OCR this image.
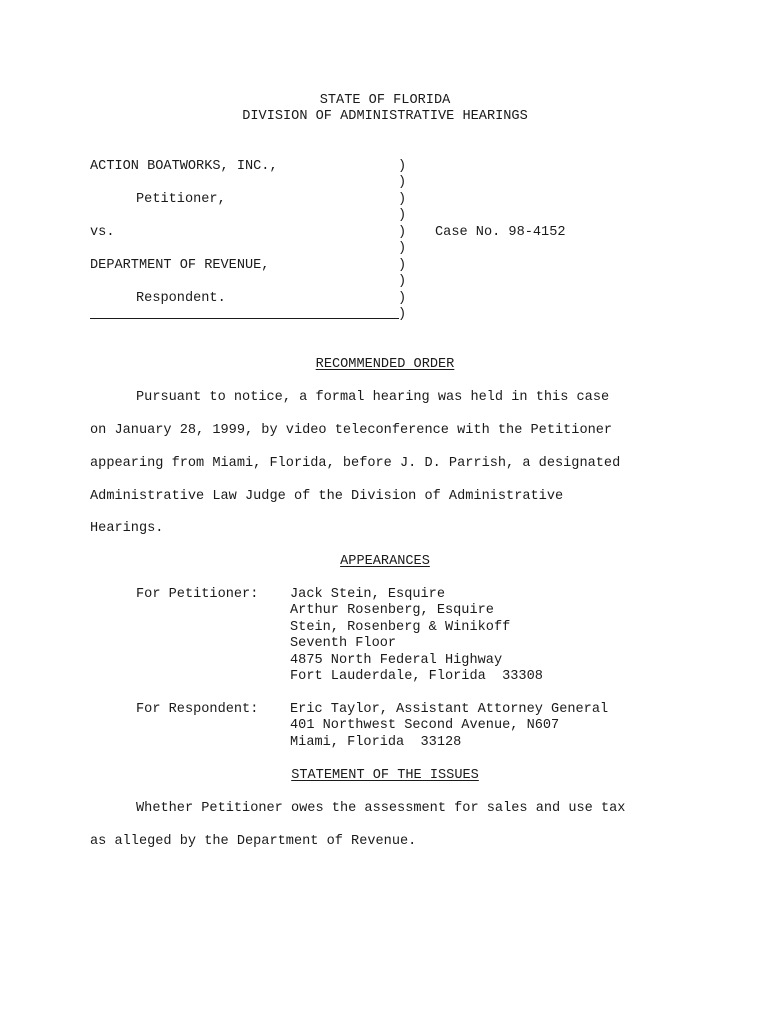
STATE OF FLORIDA
DIVISION OF ADMINISTRATIVE HEARINGS
ACTION BOATWORKS, INC.,
Petitioner,
vs.
DEPARTMENT OF REVENUE,
Respondent.
)
)
)
)
)
)
)
)
)
)
Case No. 98-4152
RECOMMENDED ORDER
Pursuant to notice, a formal hearing was held in this case
on January 28, 1999, by video teleconference with the Petitioner
appearing from Miami, Florida, before J. D. Parrish, a designated
Administrative Law Judge of the Division of Administrative
Hearings.
APPEARANCES
For Petitioner: Jack Stein, Esquire
Arthur Rosenberg, Esquire
Stein, Rosenberg & Winikoff
Seventh Floor
4875 North Federal Highway
Fort Lauderdale, Florida  33308
For Respondent: Eric Taylor, Assistant Attorney General
401 Northwest Second Avenue, N607
Miami, Florida  33128
STATEMENT OF THE ISSUES
Whether Petitioner owes the assessment for sales and use tax
as alleged by the Department of Revenue.
